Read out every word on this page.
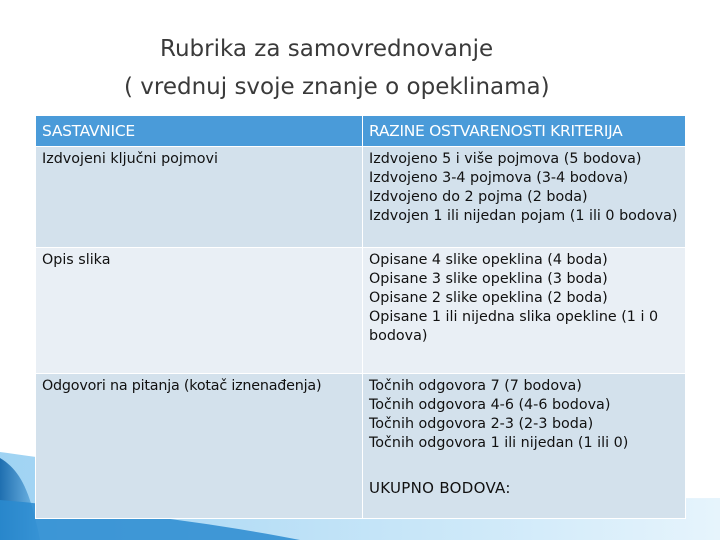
Rubrika za samovrednovanje
( vrednuj svoje znanje o opeklinama)
SASTAVNICE	RAZINE OSTVARENOSTI KRITERIJA
Izdvojeni ključni pojmovi	Izdvojeno 5 i više pojmova (5 bodova)
Izdvojeno 3-4 pojmova (3-4 bodova)
Izdvojeno do 2 pojma (2 boda)
Izdvojen 1 ili nijedan pojam (1 ili 0 bodova)

Opis slika	Opisane 4 slike opeklina (4 boda)
Opisane 3 slike opeklina (3 boda)
Opisane 2 slike opeklina (2 boda)
Opisane 1 ili nijedna slika opekline (1 i 0 bodova)

Odgovori na pitanja (kotač iznenađenja)	Točnih odgovora 7 (7 bodova)
Točnih odgovora 4-6 (4-6 bodova)
Točnih odgovora 2-3 (2-3 boda)
Točnih odgovora 1 ili nijedan (1 ili 0)
UKUPNO BODOVA:
